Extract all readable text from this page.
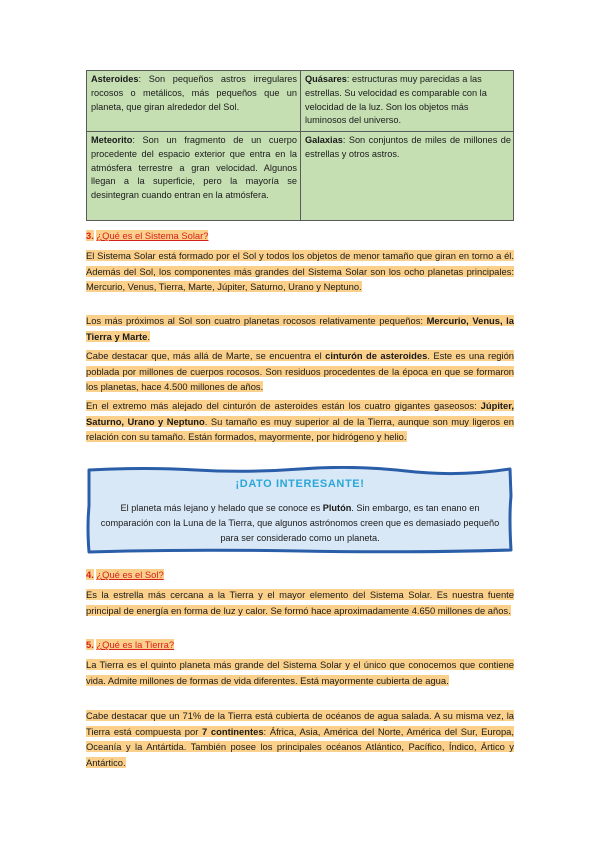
Asteroides: Son pequeños astros irregulares rocosos o metálicos, más pequeños que un planeta, que giran alrededor del Sol.
Quásares: estructuras muy parecidas a las estrellas. Su velocidad es comparable con la velocidad de la luz. Son los objetos más luminosos del universo.
Meteorito: Son un fragmento de un cuerpo procedente del espacio exterior que entra en la atmósfera terrestre a gran velocidad. Algunos llegan a la superficie, pero la mayoría se desintegran cuando entran en la atmósfera.
Galaxias: Son conjuntos de miles de millones de estrellas y otros astros.
3. ¿Qué es el Sistema Solar?
El Sistema Solar está formado por el Sol y todos los objetos de menor tamaño que giran en torno a él. Además del Sol, los componentes más grandes del Sistema Solar son los ocho planetas principales: Mercurio, Venus, Tierra, Marte, Júpiter, Saturno, Urano y Neptuno.
Los más próximos al Sol son cuatro planetas rocosos relativamente pequeños: Mercurio, Venus, la Tierra y Marte.
Cabe destacar que, más allá de Marte, se encuentra el cinturón de asteroides. Este es una región poblada por millones de cuerpos rocosos. Son residuos procedentes de la época en que se formaron los planetas, hace 4.500 millones de años.
En el extremo más alejado del cinturón de asteroides están los cuatro gigantes gaseosos: Júpiter, Saturno, Urano y Neptuno. Su tamaño es muy superior al de la Tierra, aunque son muy ligeros en relación con su tamaño. Están formados, mayormente, por hidrógeno y helio.
¡DATO INTERESANTE!
El planeta más lejano y helado que se conoce es Plutón. Sin embargo, es tan enano en comparación con la Luna de la Tierra, que algunos astrónomos creen que es demasiado pequeño para ser considerado como un planeta.
4. ¿Qué es el Sol?
Es la estrella más cercana a la Tierra y el mayor elemento del Sistema Solar. Es nuestra fuente principal de energía en forma de luz y calor. Se formó hace aproximadamente 4.650 millones de años.
5. ¿Qué es la Tierra?
La Tierra es el quinto planeta más grande del Sistema Solar y el único que conocemos que contiene vida. Admite millones de formas de vida diferentes. Está mayormente cubierta de agua.
Cabe destacar que un 71% de la Tierra está cubierta de océanos de agua salada. A su misma vez, la Tierra está compuesta por 7 continentes: África, Asia, América del Norte, América del Sur, Europa, Oceanía y la Antártida. También posee los principales océanos Atlántico, Pacífico, Índico, Ártico y Antártico.
